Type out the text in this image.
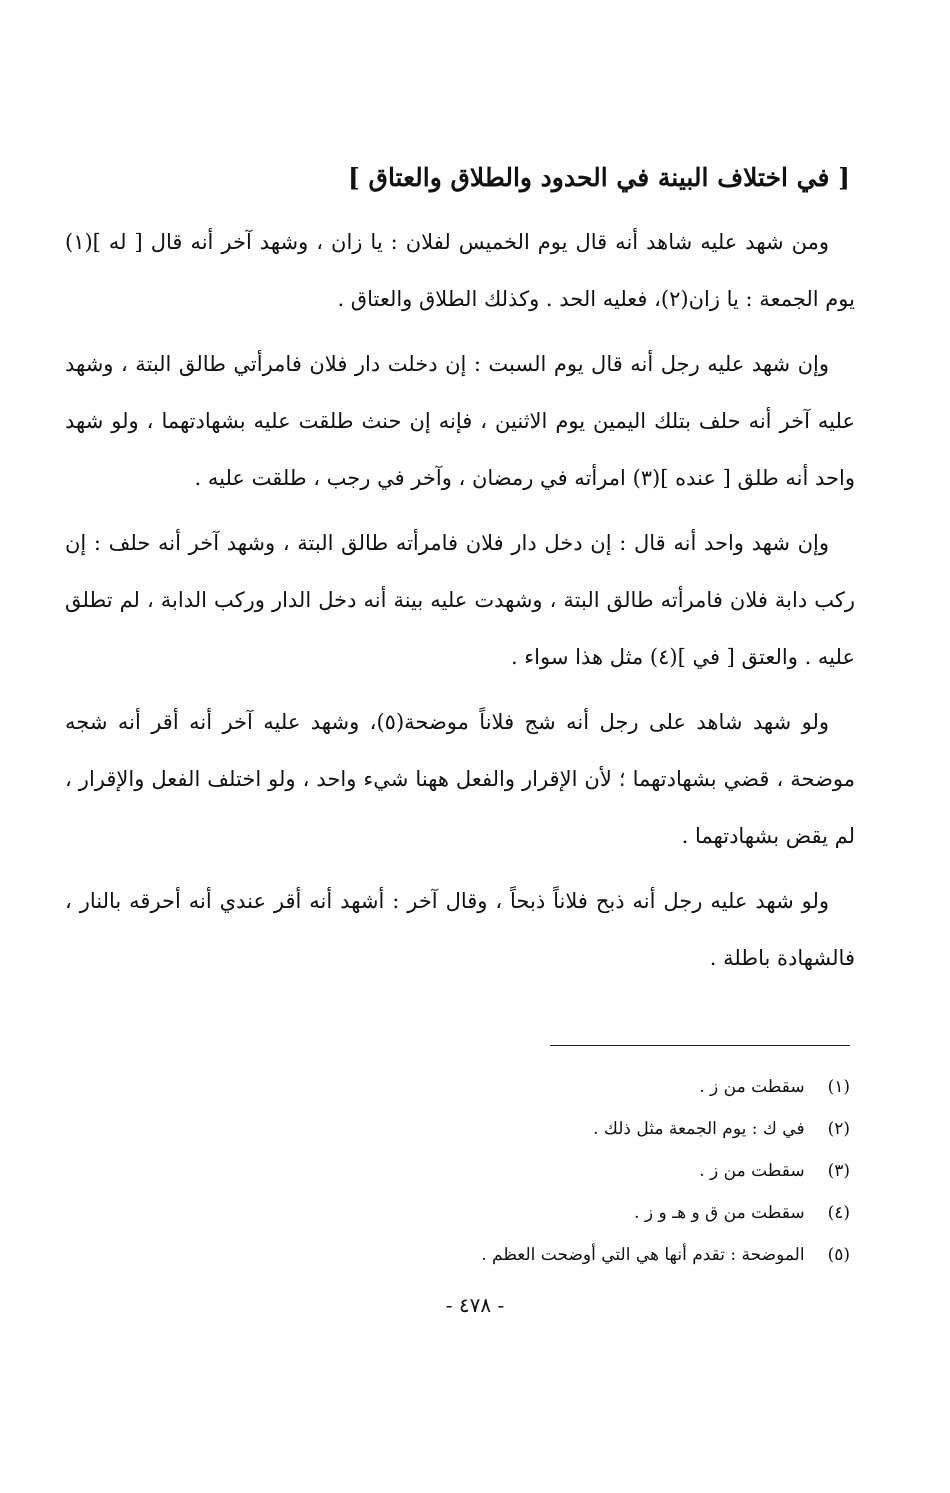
[ في اختلاف البينة في الحدود والطلاق والعتاق ]

ومن شهد عليه شاهد أنه قال يوم الخميس لفلان : يا زان ، وشهد آخر أنه قال [ له ](١) يوم الجمعة : يا زان(٢)، فعليه الحد . وكذلك الطلاق والعتاق .

وإن شهد عليه رجل أنه قال يوم السبت : إن دخلت دار فلان فامرأتي طالق البتة ، وشهد عليه آخر أنه حلف بتلك اليمين يوم الاثنين ، فإنه إن حنث طلقت عليه بشهادتهما ، ولو شهد واحد أنه طلق [ عنده ](٣) امرأته في رمضان ، وآخر في رجب ، طلقت عليه .

وإن شهد واحد أنه قال : إن دخل دار فلان فامرأته طالق البتة ، وشهد آخر أنه حلف : إن ركب دابة فلان فامرأته طالق البتة ، وشهدت عليه بينة أنه دخل الدار وركب الدابة ، لم تطلق عليه . والعتق [ في ](٤) مثل هذا سواء .

ولو شهد شاهد على رجل أنه شج فلاناً موضحة(٥)، وشهد عليه آخر أنه أقر أنه شجه موضحة ، قضي بشهادتهما ؛ لأن الإقرار والفعل ههنا شيء واحد ، ولو اختلف الفعل والإقرار ، لم يقض بشهادتهما .

ولو شهد عليه رجل أنه ذبح فلاناً ذبحاً ، وقال آخر : أشهد أنه أقر عندي أنه أحرقه بالنار ، فالشهادة باطلة .

(١) سقطت من ز .

(٢) في ك : يوم الجمعة مثل ذلك .

(٣) سقطت من ز .

(٤) سقطت من ق و هـ و ز .

(٥) الموضحة : تقدم أنها هي التي أوضحت العظم .

- ٤٧٨ -
